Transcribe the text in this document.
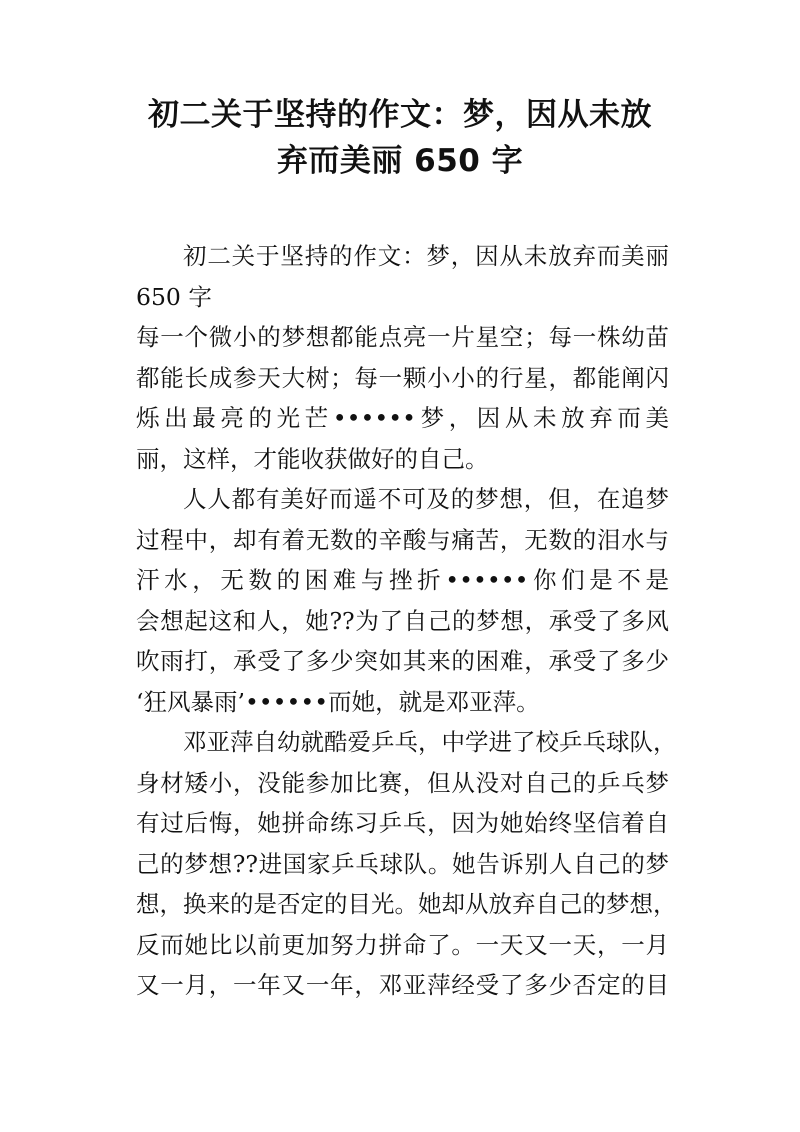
初二关于坚持的作文：梦，因从未放
弃而美丽 650 字
初二关于坚持的作文：梦，因从未放弃而美丽
650 字
每一个微小的梦想都能点亮一片星空；每一株幼苗
都能长成参天大树；每一颗小小的行星，都能阐闪
烁出最亮的光芒••••••梦，因从未放弃而美
丽，这样，才能收获做好的自己。
人人都有美好而遥不可及的梦想，但，在追梦
过程中，却有着无数的辛酸与痛苦，无数的泪水与
汗水，无数的困难与挫折••••••你们是不是
会想起这和人，她??为了自己的梦想，承受了多风
吹雨打，承受了多少突如其来的困难，承受了多少
‘狂风暴雨’••••••而她，就是邓亚萍。
邓亚萍自幼就酷爱乒乓，中学进了校乒乓球队，
身材矮小，没能参加比赛，但从没对自己的乒乓梦
有过后悔，她拼命练习乒乓，因为她始终坚信着自
己的梦想??进国家乒乓球队。她告诉别人自己的梦
想，换来的是否定的目光。她却从放弃自己的梦想，
反而她比以前更加努力拼命了。一天又一天，一月
又一月，一年又一年，邓亚萍经受了多少否定的目
